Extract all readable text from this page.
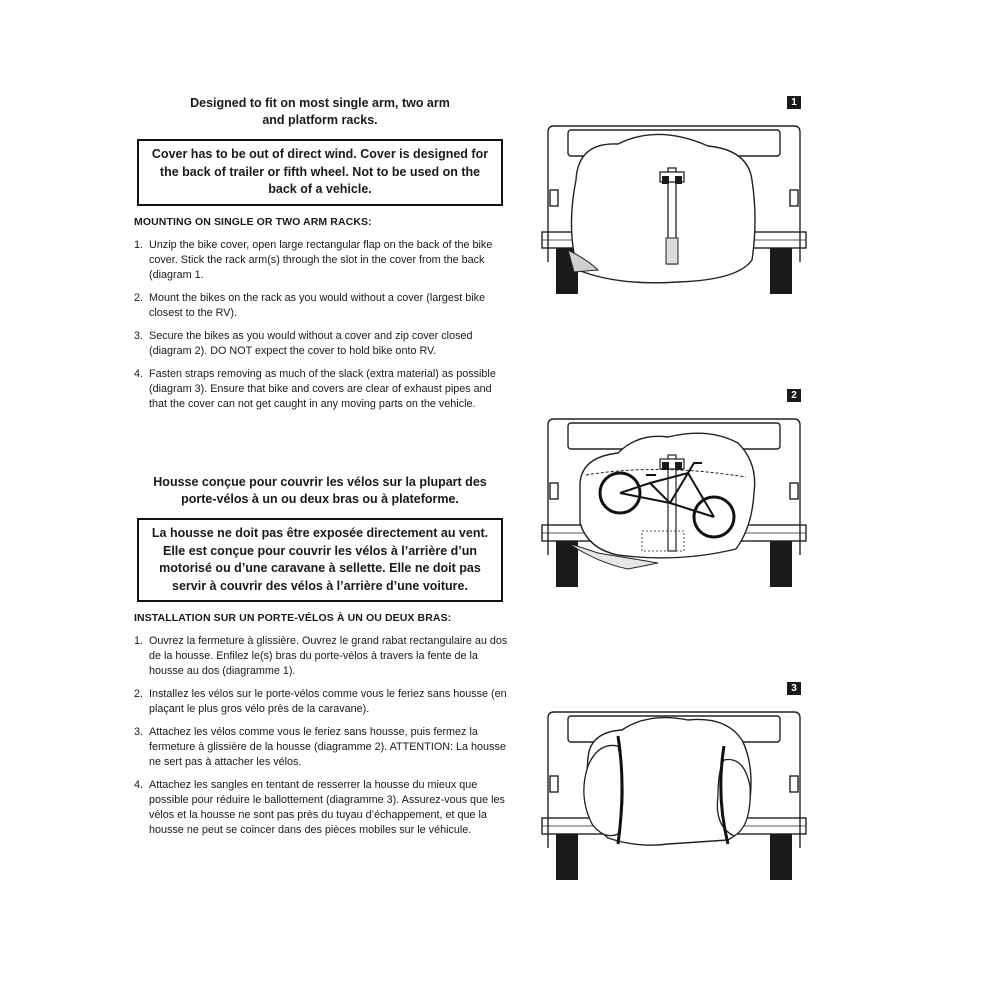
Designed to fit on most single arm, two arm
and platform racks.
Cover has to be out of direct wind. Cover is designed for
the back of trailer or fifth wheel. Not to be used on the
back of a vehicle.
MOUNTING ON SINGLE OR TWO ARM RACKS:
1. Unzip the bike cover, open large rectangular flap on the back of the bike cover. Stick the rack arm(s) through the slot in the cover from the back (diagram 1.
2. Mount the bikes on the rack as you would without a cover (largest bike closest to the RV).
3. Secure the bikes as you would without a cover and zip cover closed (diagram 2). DO NOT expect the cover to hold bike onto RV.
4. Fasten straps removing as much of the slack (extra material) as possible (diagram 3). Ensure that bike and covers are clear of exhaust pipes and that the cover can not get caught in any moving parts on the vehicle.
Housse conçue pour couvrir les vélos sur la plupart des
porte-vélos à un ou deux bras ou à plateforme.
La housse ne doit pas être exposée directement au vent.
Elle est conçue pour couvrir les vélos à l’arrière d’un
motorisé ou d’une caravane à sellette. Elle ne doit pas
servir à couvrir des vélos à l’arrière d’une voiture.
INSTALLATION SUR UN PORTE-VÉLOS À UN OU DEUX BRAS:
1. Ouvrez la fermeture à glissière. Ouvrez le grand rabat rectangulaire au dos de la housse. Enfilez le(s) bras du porte-vélos à travers la fente de la housse au dos (diagramme 1).
2. Installez les vélos sur le porte-vélos comme vous le feriez sans housse (en plaçant le plus gros vélo près de la caravane).
3. Attachez les vélos comme vous le feriez sans housse, puis fermez la fermeture à glissière de la housse (diagramme 2). ATTENTION: La housse ne sert pas à attacher les vélos.
4. Attachez les sangles en tentant de resserrer la housse du mieux que possible pour réduire le ballottement (diagramme 3). Assurez-vous que les vélos et la housse ne sont pas près du tuyau d’échappement, et que la housse ne peut se coincer dans des pièces mobiles sur le véhicule.
1
2
3
